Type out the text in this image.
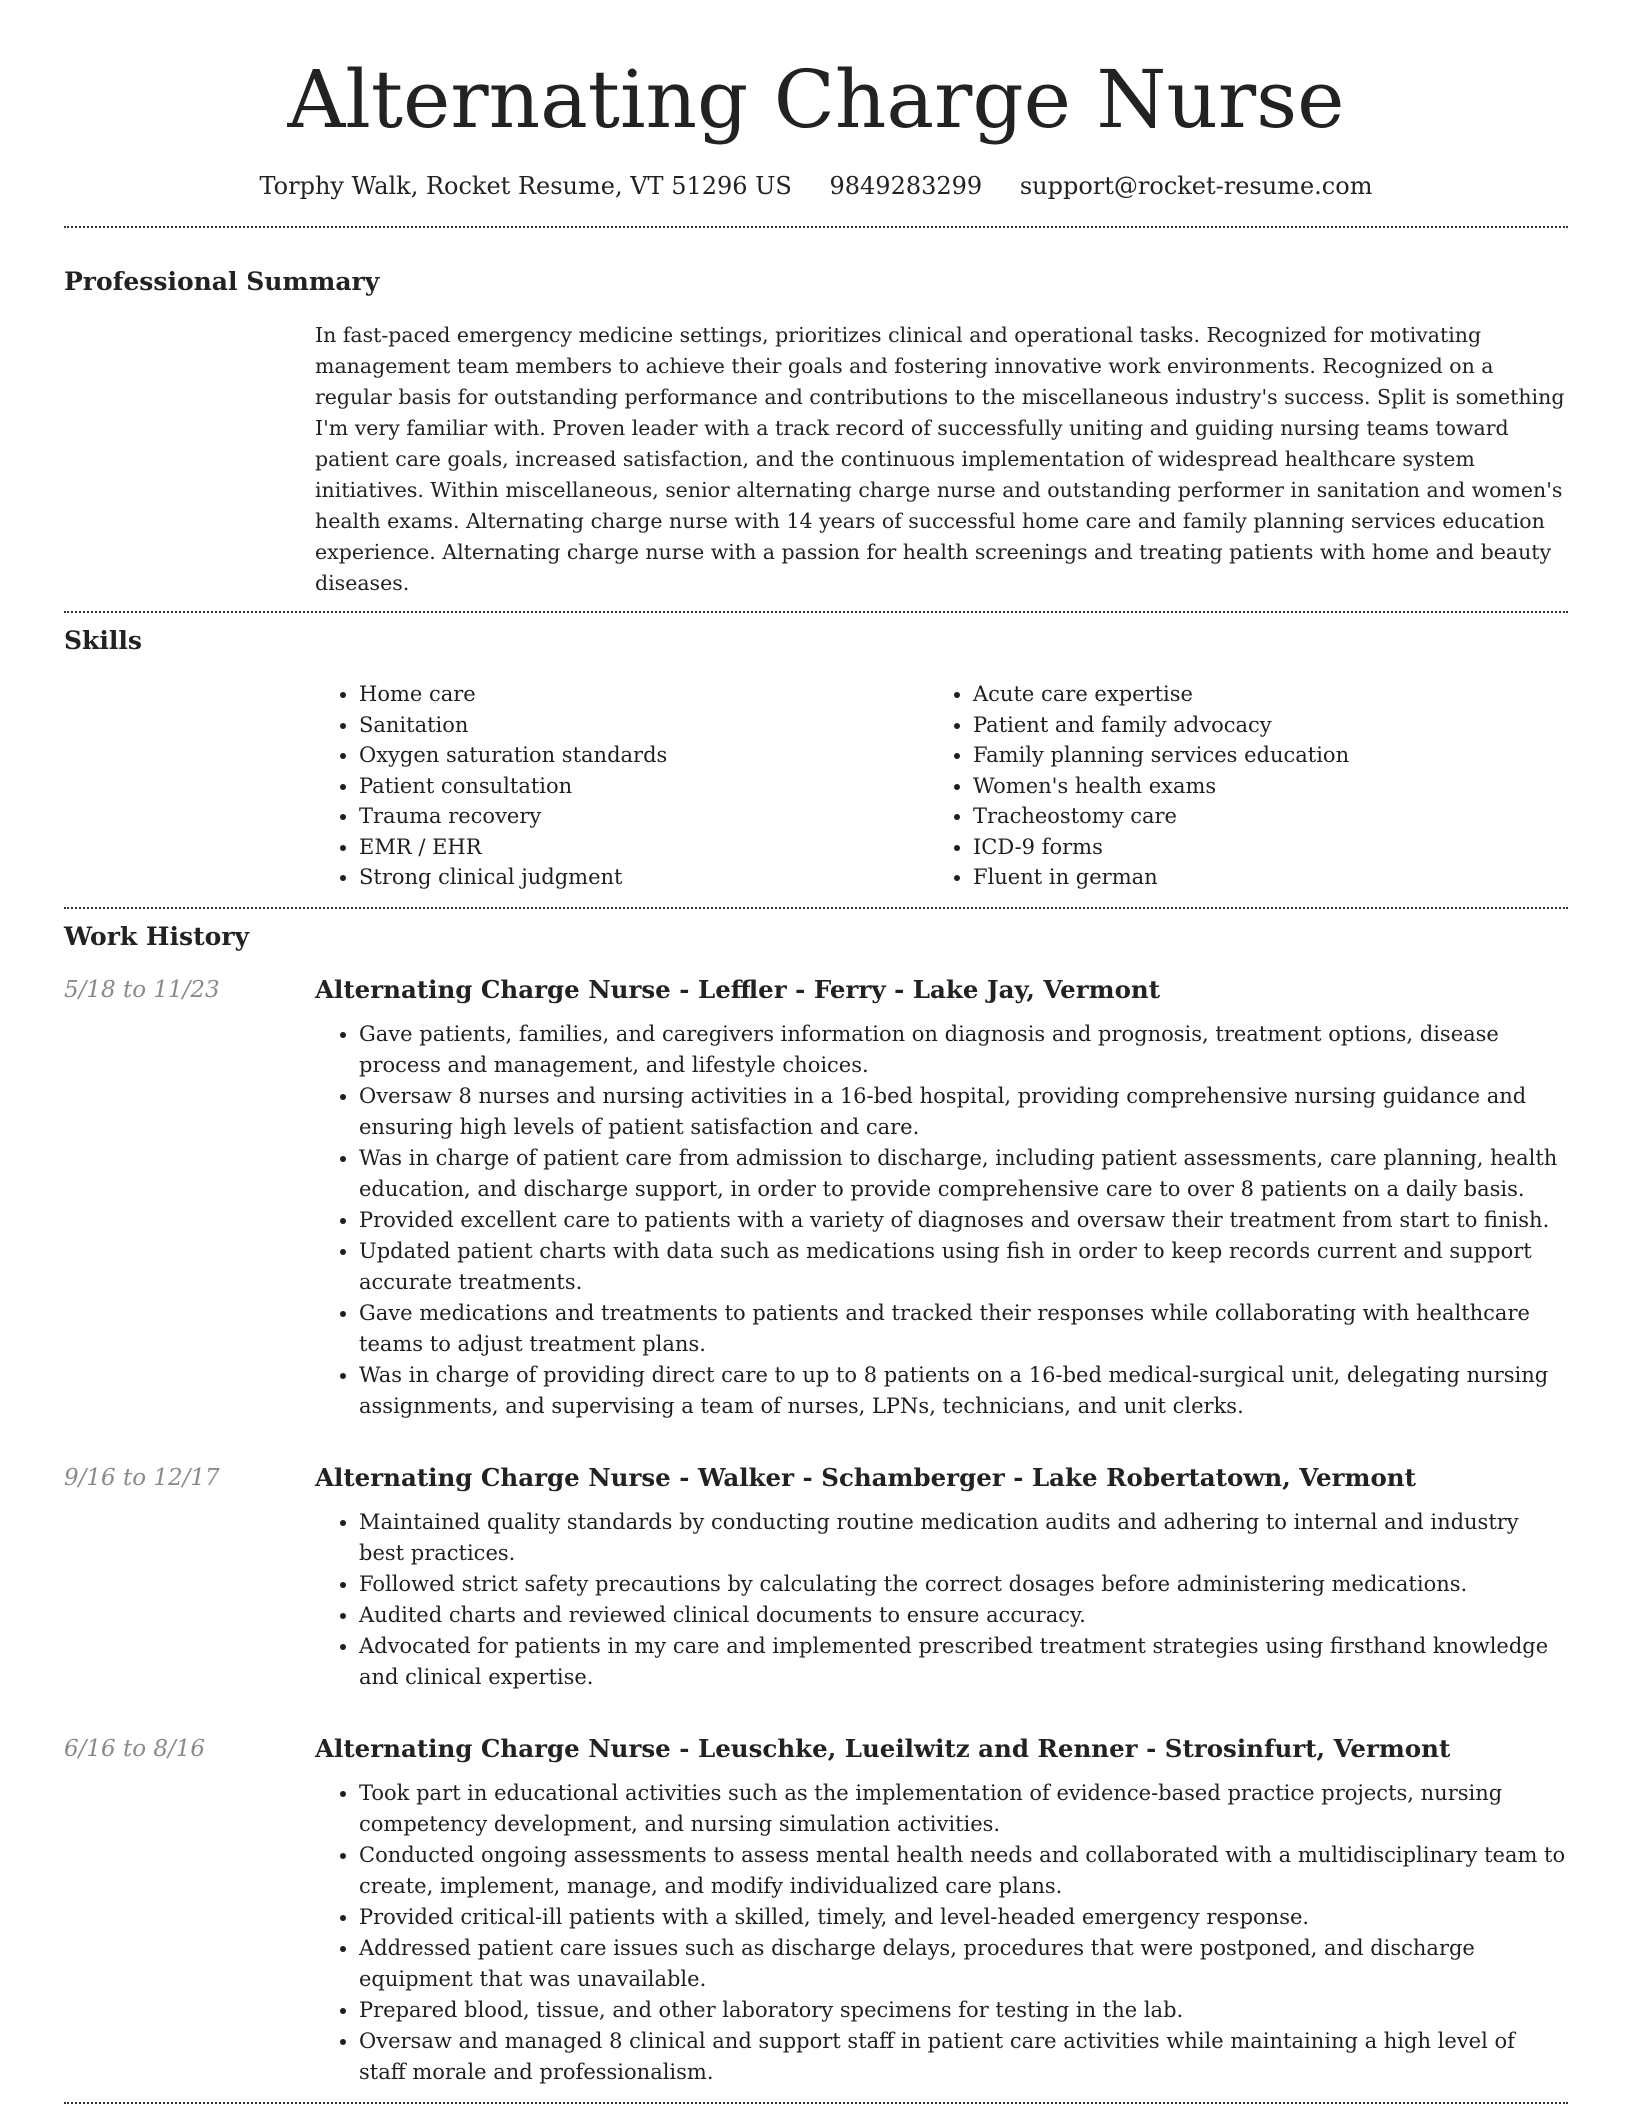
Alternating Charge Nurse
Torphy Walk, Rocket Resume, VT 51296 US 9849283299 support@rocket-resume.com
Professional Summary
In fast-paced emergency medicine settings, prioritizes clinical and operational tasks. Recognized for motivating management team members to achieve their goals and fostering innovative work environments. Recognized on a regular basis for outstanding performance and contributions to the miscellaneous industry's success. Split is something I'm very familiar with. Proven leader with a track record of successfully uniting and guiding nursing teams toward patient care goals, increased satisfaction, and the continuous implementation of widespread healthcare system initiatives. Within miscellaneous, senior alternating charge nurse and outstanding performer in sanitation and women's health exams. Alternating charge nurse with 14 years of successful home care and family planning services education experience. Alternating charge nurse with a passion for health screenings and treating patients with home and beauty diseases.
Skills
• Home care
• Sanitation
• Oxygen saturation standards
• Patient consultation
• Trauma recovery
• EMR / EHR
• Strong clinical judgment
• Acute care expertise
• Patient and family advocacy
• Family planning services education
• Women's health exams
• Tracheostomy care
• ICD-9 forms
• Fluent in german
Work History
5/18 to 11/23	Alternating Charge Nurse - Leffler - Ferry - Lake Jay, Vermont
• Gave patients, families, and caregivers information on diagnosis and prognosis, treatment options, disease process and management, and lifestyle choices.
• Oversaw 8 nurses and nursing activities in a 16-bed hospital, providing comprehensive nursing guidance and ensuring high levels of patient satisfaction and care.
• Was in charge of patient care from admission to discharge, including patient assessments, care planning, health education, and discharge support, in order to provide comprehensive care to over 8 patients on a daily basis.
• Provided excellent care to patients with a variety of diagnoses and oversaw their treatment from start to finish.
• Updated patient charts with data such as medications using fish in order to keep records current and support accurate treatments.
• Gave medications and treatments to patients and tracked their responses while collaborating with healthcare teams to adjust treatment plans.
• Was in charge of providing direct care to up to 8 patients on a 16-bed medical-surgical unit, delegating nursing assignments, and supervising a team of nurses, LPNs, technicians, and unit clerks.
9/16 to 12/17	Alternating Charge Nurse - Walker - Schamberger - Lake Robertatown, Vermont
• Maintained quality standards by conducting routine medication audits and adhering to internal and industry best practices.
• Followed strict safety precautions by calculating the correct dosages before administering medications.
• Audited charts and reviewed clinical documents to ensure accuracy.
• Advocated for patients in my care and implemented prescribed treatment strategies using firsthand knowledge and clinical expertise.
6/16 to 8/16	Alternating Charge Nurse - Leuschke, Lueilwitz and Renner - Strosinfurt, Vermont
• Took part in educational activities such as the implementation of evidence-based practice projects, nursing competency development, and nursing simulation activities.
• Conducted ongoing assessments to assess mental health needs and collaborated with a multidisciplinary team to create, implement, manage, and modify individualized care plans.
• Provided critical-ill patients with a skilled, timely, and level-headed emergency response.
• Addressed patient care issues such as discharge delays, procedures that were postponed, and discharge equipment that was unavailable.
• Prepared blood, tissue, and other laboratory specimens for testing in the lab.
• Oversaw and managed 8 clinical and support staff in patient care activities while maintaining a high level of staff morale and professionalism.
